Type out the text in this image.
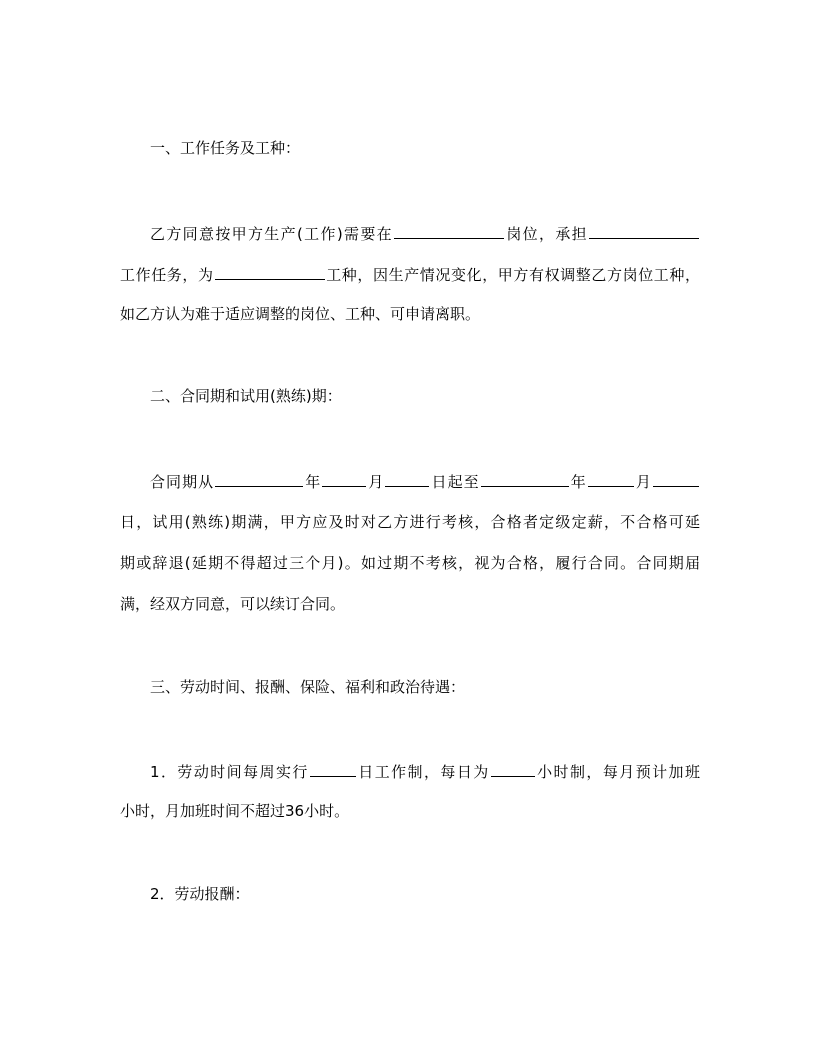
一、工作任务及工种：
乙方同意按甲方生产(工作)需要在	岗位，承担
工作任务，为	工种，因生产情况变化，甲方有权调整乙方岗位工种，
如乙方认为难于适应调整的岗位、工种、可申请离职。
二、合同期和试用(熟练)期：
合同期从	年	月	日起至	年	月
日，试用(熟练)期满，甲方应及时对乙方进行考核，合格者定级定薪，不合格可延
期或辞退(延期不得超过三个月)。如过期不考核，视为合格，履行合同。合同期届
满，经双方同意，可以续订合同。
三、劳动时间、报酬、保险、福利和政治待遇：
1．劳动时间每周实行	日工作制，每日为	小时制，每月预计加班
小时，月加班时间不超过36小时。
2．劳动报酬：
